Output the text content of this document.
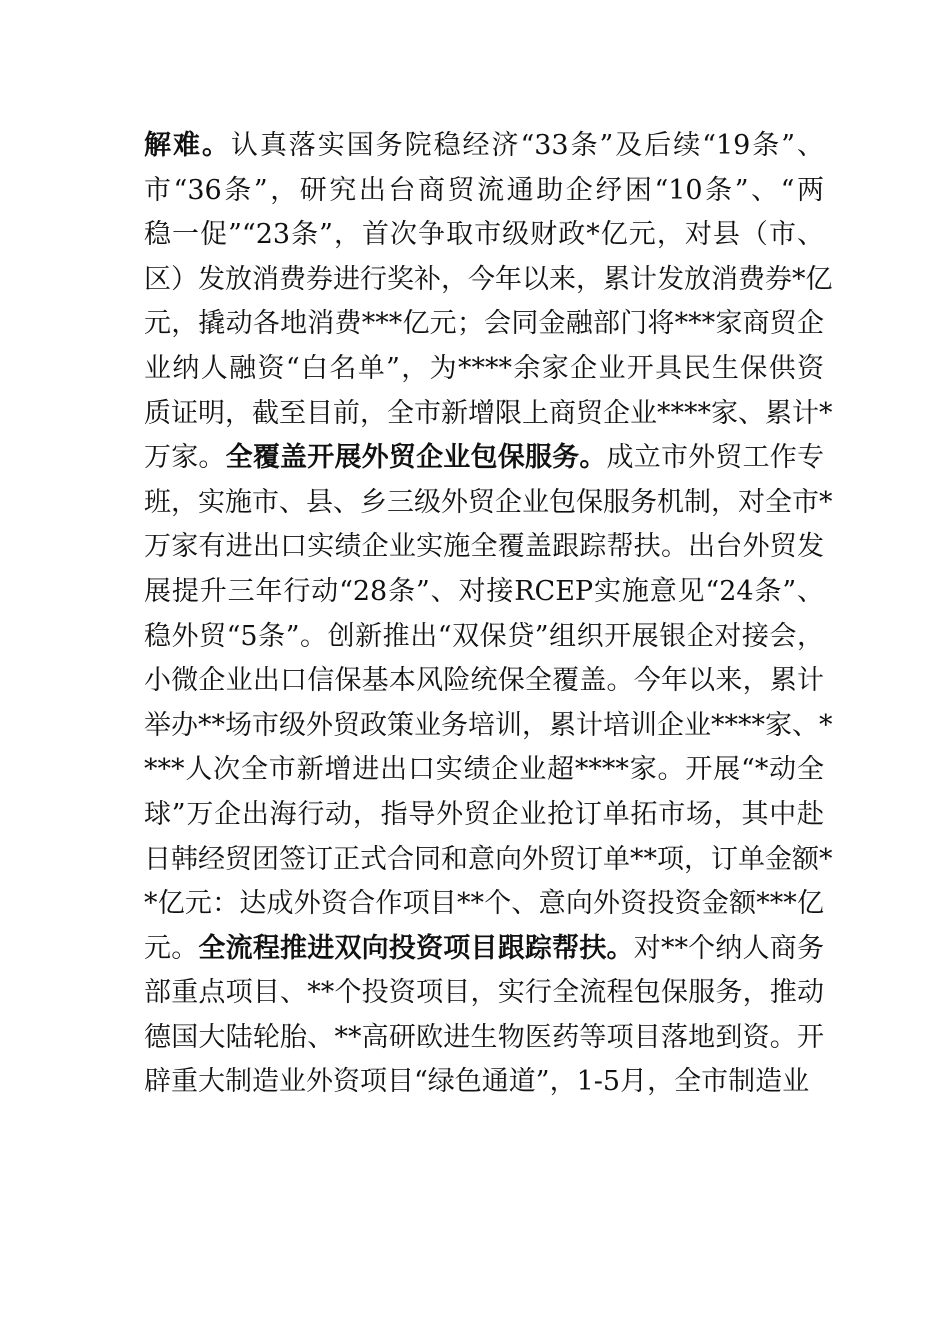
解难。认真落实国务院稳经济“33条”及后续“19条”、
市“36条”，研究出台商贸流通助企纾困“10条”、“两
稳一促”“23条”，首次争取市级财政*亿元，对县（市、
区）发放消费券进行奖补，今年以来，累计发放消费券*亿
元，撬动各地消费***亿元；会同金融部门将***家商贸企
业纳人融资“白名单”，为****余家企业开具民生保供资
质证明，截至目前，全市新增限上商贸企业****家、累计*
万家。全覆盖开展外贸企业包保服务。成立市外贸工作专
班，实施市、县、乡三级外贸企业包保服务机制，对全市*
万家有进出口实绩企业实施全覆盖跟踪帮扶。出台外贸发
展提升三年行动“28条”、对接RCEP实施意见“24条”、
稳外贸“5条”。创新推出“双保贷”组织开展银企对接会，
小微企业出口信保基本风险统保全覆盖。今年以来，累计
举办**场市级外贸政策业务培训，累计培训企业****家、*
***人次全市新增进出口实绩企业超****家。开展“*动全
球”万企出海行动，指导外贸企业抢订单拓市场，其中赴
日韩经贸团签订正式合同和意向外贸订单**项，订单金额*
*亿元：达成外资合作项目**个、意向外资投资金额***亿
元。全流程推进双向投资项目跟踪帮扶。对**个纳人商务
部重点项目、**个投资项目，实行全流程包保服务，推动
德国大陆轮胎、**高研欧进生物医药等项目落地到资。开
辟重大制造业外资项目“绿色通道”，1-5月，全市制造业
